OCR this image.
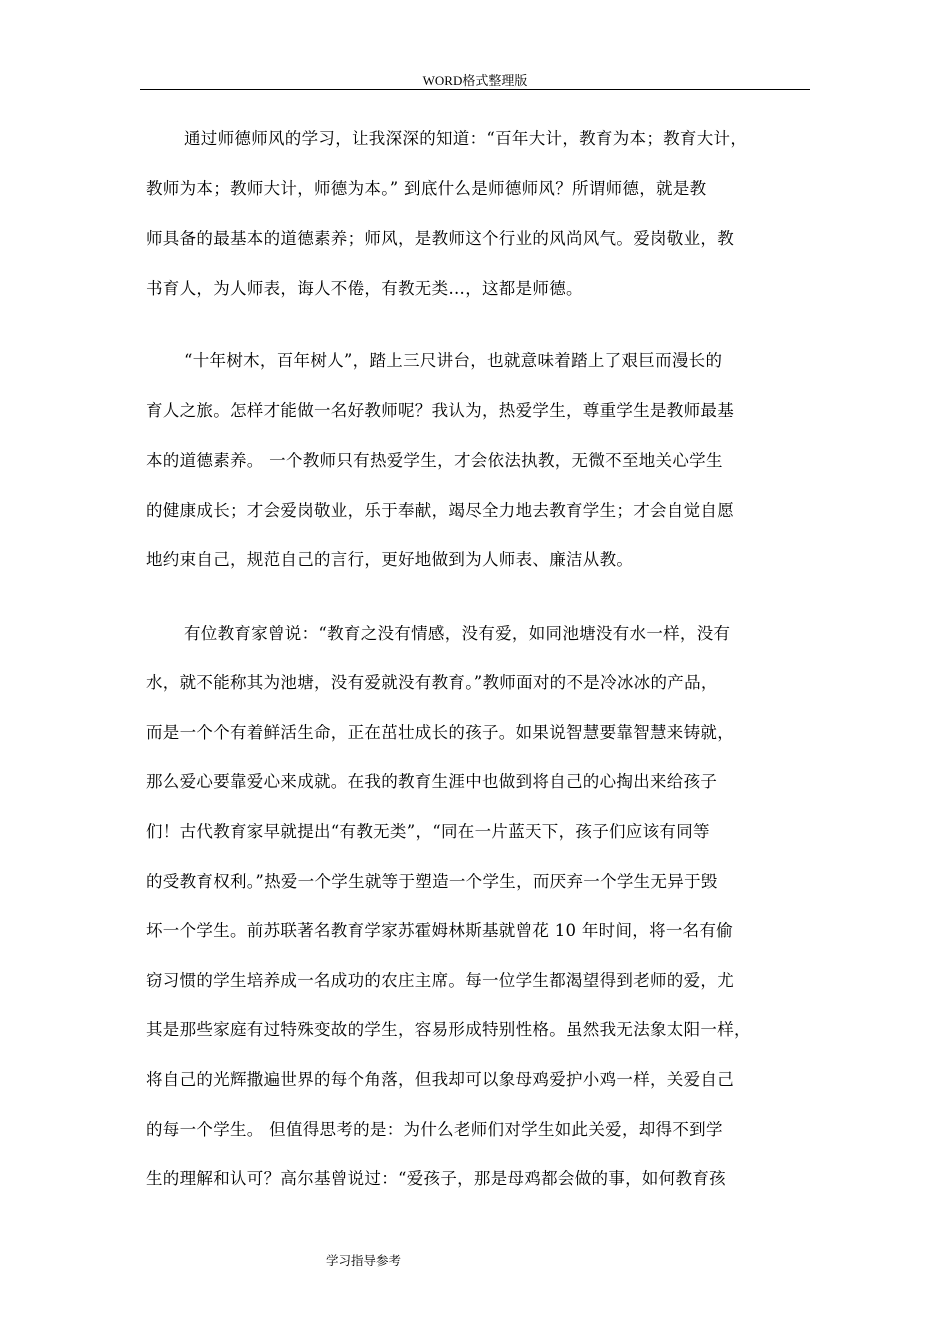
WORD格式整理版
通过师德师风的学习，让我深深的知道：“百年大计，教育为本；教育大计，
教师为本；教师大计，师德为本。” 到底什么是师德师风？所谓师德，就是教
师具备的最基本的道德素养；师风，是教师这个行业的风尚风气。爱岗敬业，教
书育人，为人师表，诲人不倦，有教无类…，这都是师德。
“十年树木，百年树人”，踏上三尺讲台，也就意味着踏上了艰巨而漫长的
育人之旅。怎样才能做一名好教师呢？我认为，热爱学生，尊重学生是教师最基
本的道德素养。 一个教师只有热爱学生，才会依法执教，无微不至地关心学生
的健康成长；才会爱岗敬业，乐于奉献，竭尽全力地去教育学生；才会自觉自愿
地约束自己，规范自己的言行，更好地做到为人师表、廉洁从教。
有位教育家曾说：“教育之没有情感，没有爱，如同池塘没有水一样，没有
水，就不能称其为池塘，没有爱就没有教育。”教师面对的不是冷冰冰的产品，
而是一个个有着鲜活生命，正在茁壮成长的孩子。如果说智慧要靠智慧来铸就，
那么爱心要靠爱心来成就。在我的教育生涯中也做到将自己的心掏出来给孩子
们！古代教育家早就提出“有教无类”，“同在一片蓝天下，孩子们应该有同等
的受教育权利。”热爱一个学生就等于塑造一个学生，而厌弃一个学生无异于毁
坏一个学生。前苏联著名教育学家苏霍姆林斯基就曾花 10 年时间，将一名有偷
窃习惯的学生培养成一名成功的农庄主席。每一位学生都渴望得到老师的爱，尤
其是那些家庭有过特殊变故的学生，容易形成特别性格。虽然我无法象太阳一样，
将自己的光辉撒遍世界的每个角落，但我却可以象母鸡爱护小鸡一样，关爱自己
的每一个学生。 但值得思考的是：为什么老师们对学生如此关爱，却得不到学
生的理解和认可？高尔基曾说过：“爱孩子，那是母鸡都会做的事，如何教育孩
学习指导参考
